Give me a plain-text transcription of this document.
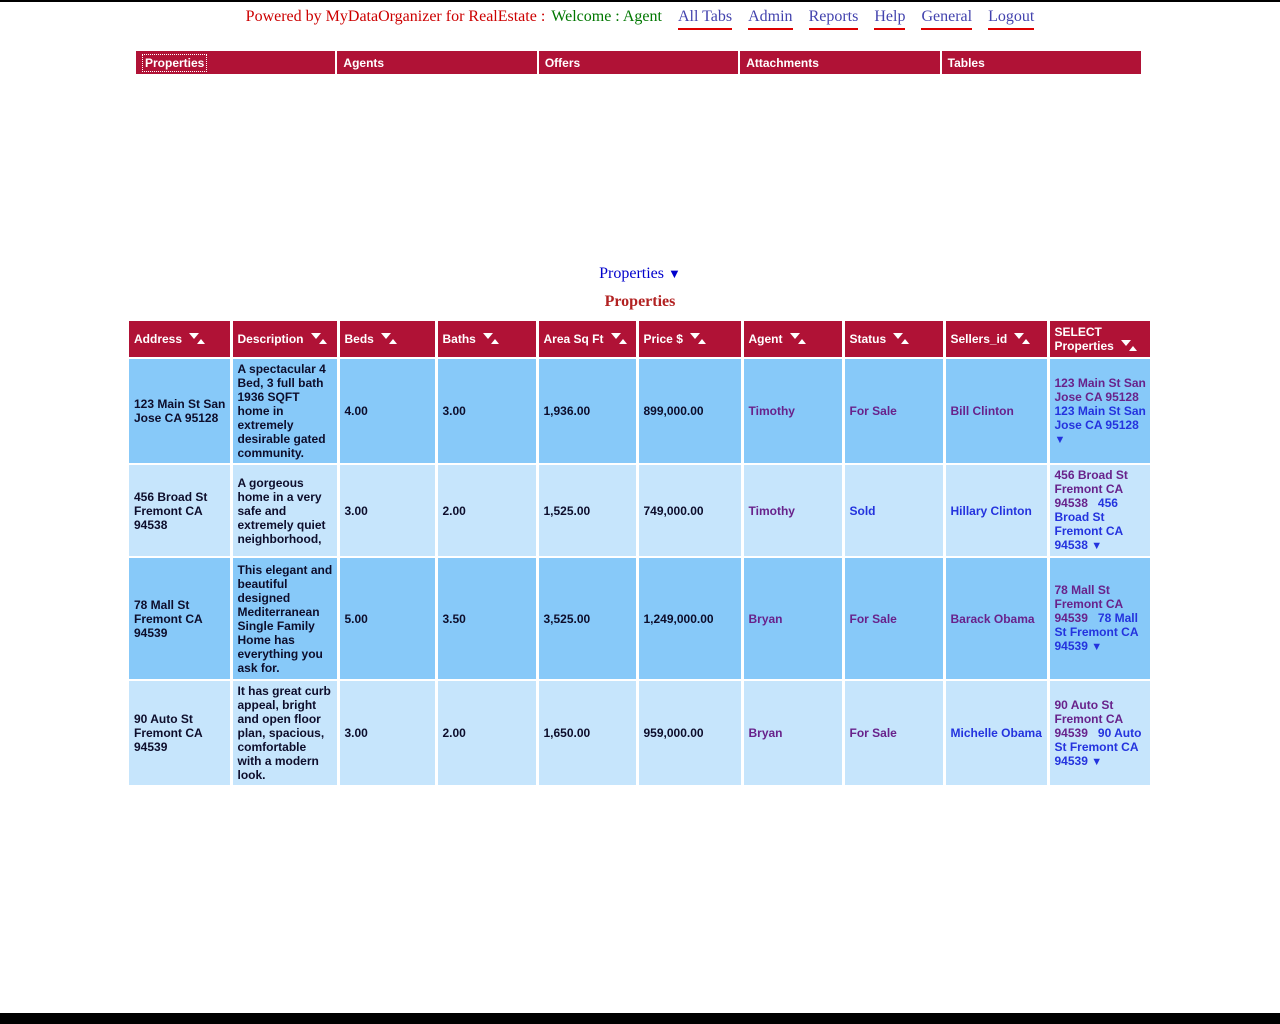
Powered by MyDataOrganizer for RealEstate : Welcome : Agent All Tabs Admin Reports Help General Logout
Properties	Agents	Offers	Attachments	Tables
Properties ▼
Properties
Address	Description	Beds	Baths	Area Sq Ft	Price $	Agent	Status	Sellers_id	SELECT Properties

123 Main St San Jose CA 95128	A spectacular 4 Bed, 3 full bath 1936 SQFT home in extremely desirable gated community.	4.00	3.00	1,936.00	899,000.00	Timothy	For Sale	Bill Clinton	123 Main St San Jose CA 95128   123 Main St San Jose CA 95128 ▼
456 Broad St Fremont CA 94538	A gorgeous home in a very safe and extremely quiet neighborhood,	3.00	2.00	1,525.00	749,000.00	Timothy	Sold	Hillary Clinton	456 Broad St Fremont CA 94538 456 Broad St Fremont CA 94538 ▼
78 Mall St Fremont CA 94539	This elegant and beautiful designed Mediterranean Single Family Home has everything you ask for.	5.00	3.50	3,525.00	1,249,000.00	Bryan	For Sale	Barack Obama	78 Mall St Fremont CA 94539 78 Mall St Fremont CA 94539 ▼
90 Auto St Fremont CA 94539	It has great curb appeal, bright and open floor plan, spacious, comfortable with a modern look.	3.00	2.00	1,650.00	959,000.00	Bryan	For Sale	Michelle Obama	90 Auto St Fremont CA 94539 90 Auto St Fremont CA 94539 ▼
